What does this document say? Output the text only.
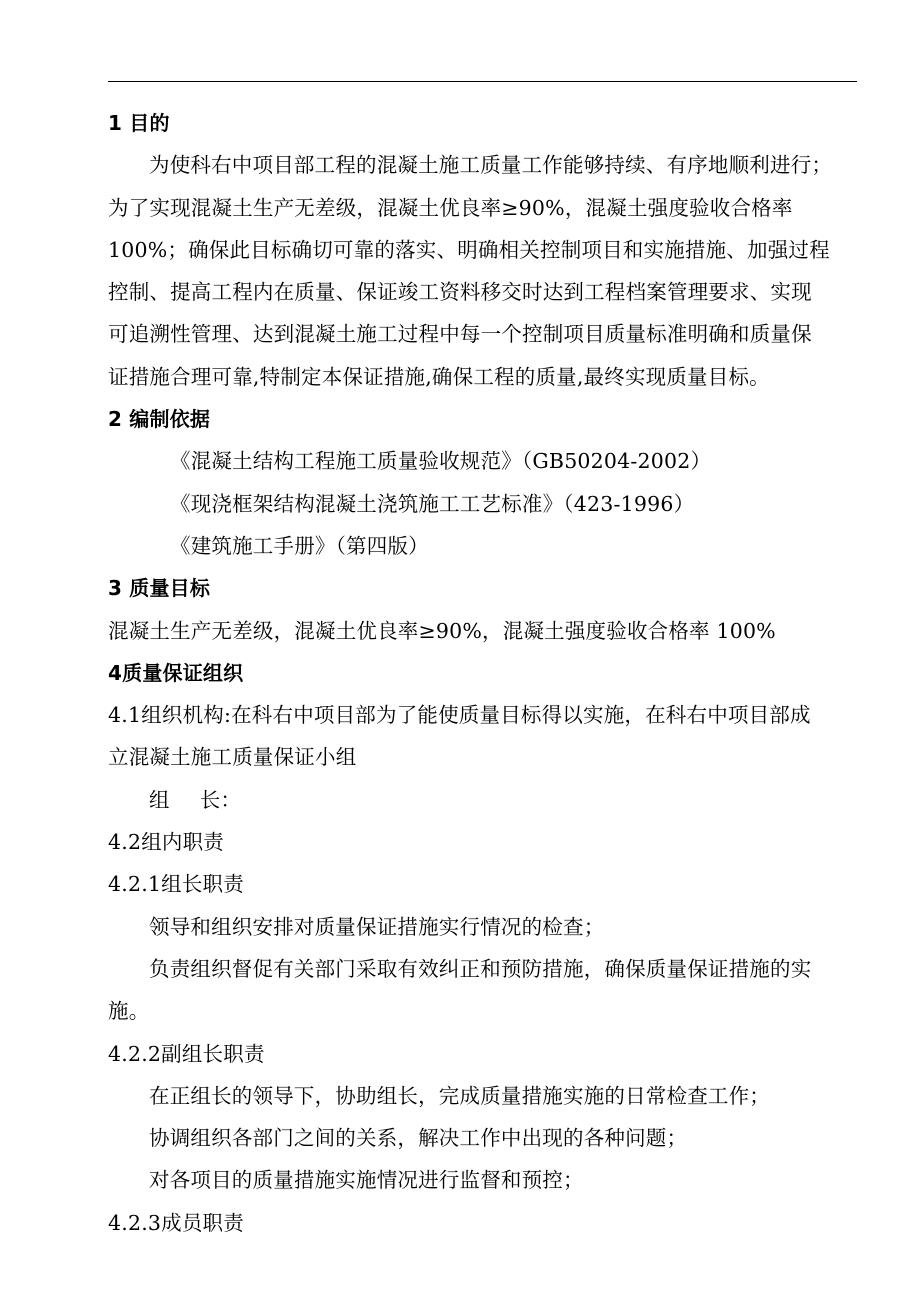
1 目的
为使科右中项目部工程的混凝土施工质量工作能够持续、有序地顺利进行；
为了实现混凝土生产无差级，混凝土优良率≥90%，混凝土强度验收合格率
100%；确保此目标确切可靠的落实、明确相关控制项目和实施措施、加强过程
控制、提高工程内在质量、保证竣工资料移交时达到工程档案管理要求、实现
可追溯性管理、达到混凝土施工过程中每一个控制项目质量标准明确和质量保
证措施合理可靠,特制定本保证措施,确保工程的质量,最终实现质量目标。
2 编制依据
《混凝土结构工程施工质量验收规范》（GB50204-2002）
《现浇框架结构混凝土浇筑施工工艺标准》（423-1996）
《建筑施工手册》（第四版）
3 质量目标
混凝土生产无差级，混凝土优良率≥90%，混凝土强度验收合格率 100%
4质量保证组织
4.1组织机构:在科右中项目部为了能使质量目标得以实施，在科右中项目部成
立混凝土施工质量保证小组
组 长：
4.2组内职责
4.2.1组长职责
领导和组织安排对质量保证措施实行情况的检查；
负责组织督促有关部门采取有效纠正和预防措施，确保质量保证措施的实
施。
4.2.2副组长职责
在正组长的领导下，协助组长，完成质量措施实施的日常检查工作；
协调组织各部门之间的关系，解决工作中出现的各种问题；
对各项目的质量措施实施情况进行监督和预控；
4.2.3成员职责
